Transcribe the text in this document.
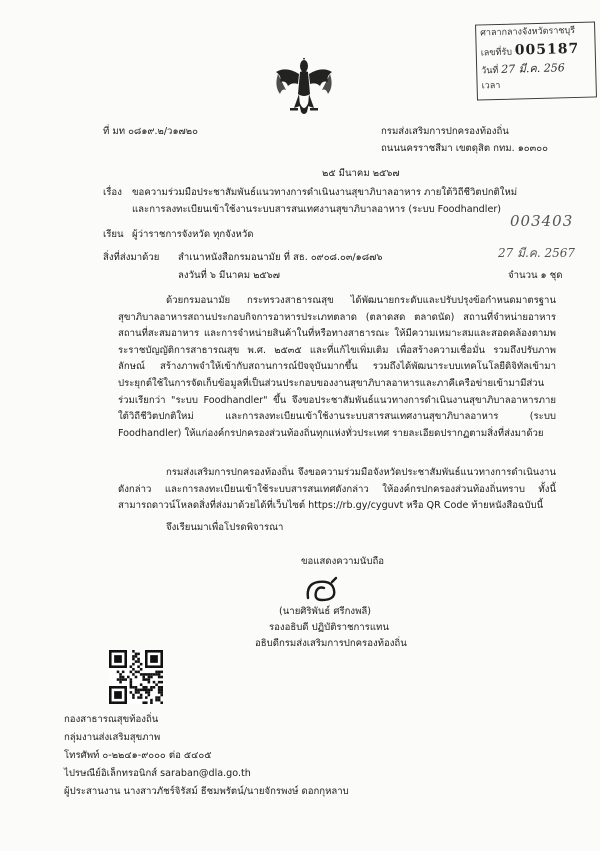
ศาลากลางจังหวัดราชบุรี
เลขที่รับ 005187
วันที่ 27 มี.ค. 256
เวลา
ที่ มท ๐๘๑๙.๒/ว๑๗๒๐	กรมส่งเสริมการปกครองท้องถิ่น
ถนนนครราชสีมา เขตดุสิต กทม. ๑๐๓๐๐
๒๕ มีนาคม ๒๕๖๗
เรื่อง ขอความร่วมมือประชาสัมพันธ์แนวทางการดำเนินงานสุขาภิบาลอาหาร ภายใต้วิถีชีวิตปกติใหม่
และการลงทะเบียนเข้าใช้งานระบบสารสนเทศงานสุขาภิบาลอาหาร (ระบบ Foodhandler)
003403
27 มี.ค. 2567
เรียน ผู้ว่าราชการจังหวัด ทุกจังหวัด
สิ่งที่ส่งมาด้วย สำเนาหนังสือกรมอนามัย ที่ สธ. ๐๙๐๘.๐๓/๑๘๗๖
ลงวันที่ ๖ มีนาคม ๒๕๖๗	จำนวน ๑ ชุด

ด้วยกรมอนามัย กระทรวงสาธารณสุข ได้พัฒนายกระดับและปรับปรุงข้อกำหนดมาตรฐานสุขาภิบาลอาหารสถานประกอบกิจการอาหารประเภทตลาด (ตลาดสด ตลาดนัด) สถานที่จำหน่ายอาหาร สถานที่สะสมอาหาร และการจำหน่ายสินค้าในที่หรือทางสาธารณะ ให้มีความเหมาะสมและสอดคล้องตามพระราชบัญญัติการสาธารณสุข พ.ศ. ๒๕๓๕ และที่แก้ไขเพิ่มเติม เพื่อสร้างความเชื่อมั่น รวมถึงปรับภาพลักษณ์ สร้างภาพจำให้เข้ากับสถานการณ์ปัจจุบันมากขึ้น รวมถึงได้พัฒนาระบบเทคโนโลยีดิจิทัลเข้ามาประยุกต์ใช้ในการจัดเก็บข้อมูลที่เป็นส่วนประกอบของงานสุขาภิบาลอาหารและภาคีเครือข่ายเข้ามามีส่วนร่วมเรียกว่า "ระบบ Foodhandler" ขึ้น จึงขอประชาสัมพันธ์แนวทางการดำเนินงานสุขาภิบาลอาหารภายใต้วิถีชีวิตปกติใหม่ และการลงทะเบียนเข้าใช้งานระบบสารสนเทศงานสุขาภิบาลอาหาร (ระบบ Foodhandler) ให้แก่องค์กรปกครองส่วนท้องถิ่นทุกแห่งทั่วประเทศ รายละเอียดปรากฏตามสิ่งที่ส่งมาด้วย

กรมส่งเสริมการปกครองท้องถิ่น จึงขอความร่วมมือจังหวัดประชาสัมพันธ์แนวทางการดำเนินงานดังกล่าว และการลงทะเบียนเข้าใช้ระบบสารสนเทศดังกล่าว ให้องค์กรปกครองส่วนท้องถิ่นทราบ ทั้งนี้ สามารถดาวน์โหลดสิ่งที่ส่งมาด้วยได้ที่เว็บไซต์ https://rb.gy/cyguvt หรือ QR Code ท้ายหนังสือฉบับนี้

จึงเรียนมาเพื่อโปรดพิจารณา

ขอแสดงความนับถือ
(นายศิริพันธ์ ศรีกงพลี)
รองอธิบดี ปฏิบัติราชการแทน
อธิบดีกรมส่งเสริมการปกครองท้องถิ่น
กองสาธารณสุขท้องถิ่น
กลุ่มงานส่งเสริมสุขภาพ
โทรศัพท์ ๐-๒๒๔๑-๙๐๐๐ ต่อ ๕๔๐๕
ไปรษณีย์อิเล็กทรอนิกส์ saraban@dla.go.th
ผู้ประสานงาน นางสาวภัชร์จิรัสม์ ธีชมพรัตน์/นายจักรพงษ์ ดอกกุหลาบ
